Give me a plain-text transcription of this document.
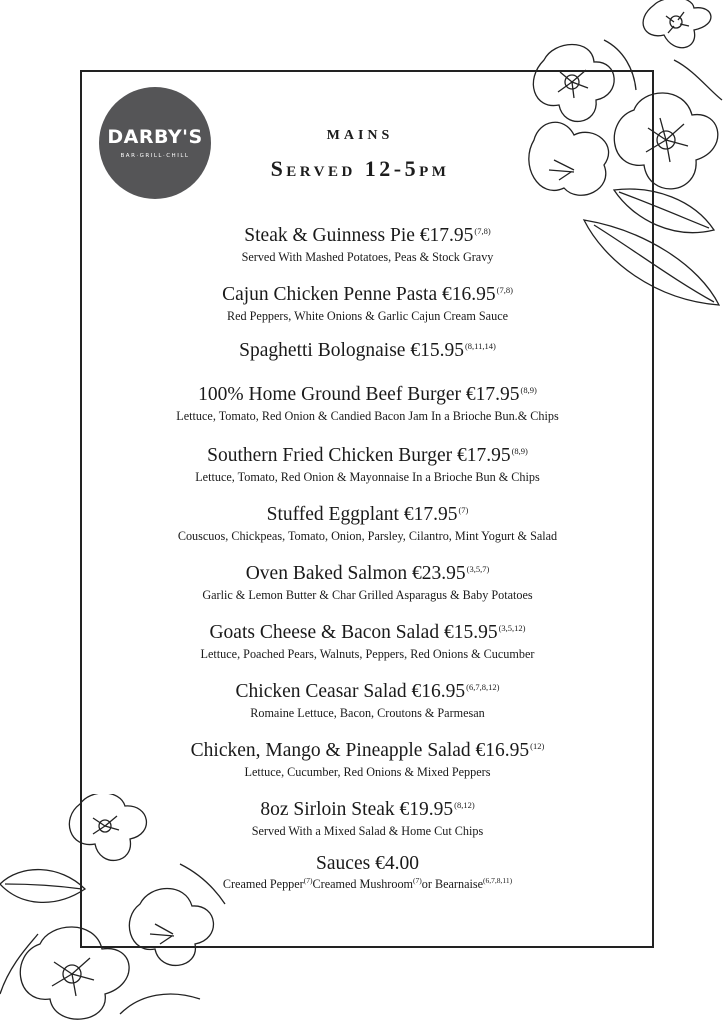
DARBY'S
BAR·GRILL·CHILL
mains
Served 12-5pm
Steak & Guinness Pie €17.95$^{(7,8)}$
Served With Mashed Potatoes, Peas & Stock Gravy
Cajun Chicken Penne Pasta €16.95$^{(7,8)}$
Red Peppers, White Onions & Garlic Cajun Cream Sauce
Spaghetti Bolognaise €15.95$^{(8,11,14)}$
100% Home Ground Beef Burger €17.95$^{(8,9)}$
Lettuce, Tomato, Red Onion & Candied Bacon Jam In a Brioche Bun.& Chips
Southern Fried Chicken Burger €17.95$^{(8,9)}$
Lettuce, Tomato, Red Onion & Mayonnaise In a Brioche Bun & Chips
Stuffed Eggplant €17.95$^{(7)}$
Couscuos, Chickpeas, Tomato, Onion, Parsley, Cilantro, Mint Yogurt & Salad
Oven Baked Salmon €23.95$^{(3,5,7)}$
Garlic & Lemon Butter & Char Grilled Asparagus & Baby Potatoes
Goats Cheese & Bacon Salad €15.95$^{(3,5,12)}$
Lettuce, Poached Pears, Walnuts, Peppers, Red Onions & Cucumber
Chicken Ceasar Salad €16.95$^{(6,7,8,12)}$
Romaine Lettuce, Bacon, Croutons & Parmesan
Chicken, Mango & Pineapple Salad €16.95$^{(12)}$
Lettuce, Cucumber, Red Onions & Mixed Peppers
8oz Sirloin Steak €19.95$^{(8,12)}$
Served With a Mixed Salad & Home Cut Chips
Sauces €4.00
Creamed Pepper$^{(7)}$Creamed Mushroom$^{(7)}$or Bearnaise$^{(6,7,8,11)}$
